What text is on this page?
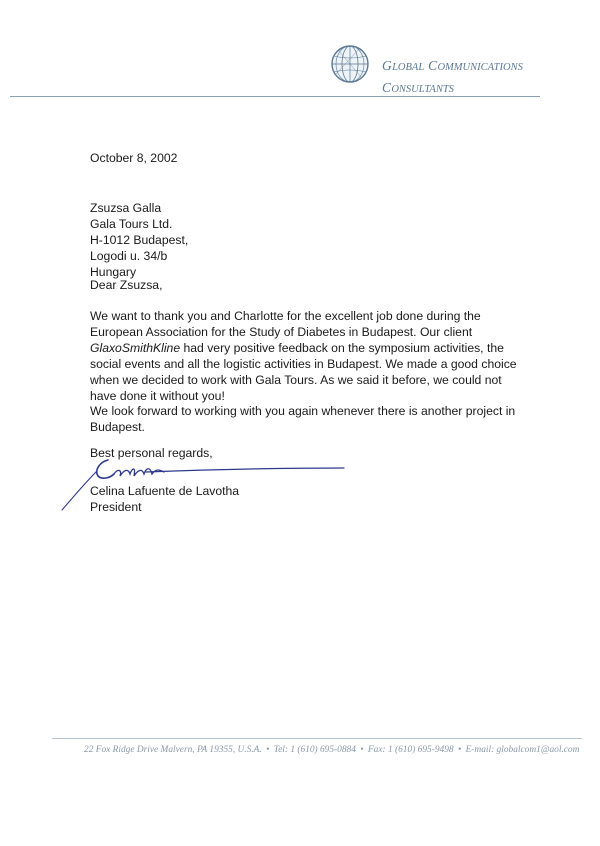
GLOBAL COMMUNICATIONS
CONSULTANTS
October 8, 2002
Zsuzsa Galla
Gala Tours Ltd.
H-1012 Budapest,
Logodi u. 34/b
Hungary
Dear Zsuzsa,
We want to thank you and Charlotte for the excellent job done during the
European Association for the Study of Diabetes in Budapest. Our client
GlaxoSmithKline had very positive feedback on the symposium activities, the
social events and all the logistic activities in Budapest. We made a good choice
when we decided to work with Gala Tours. As we said it before, we could not
have done it without you!
We look forward to working with you again whenever there is another project in
Budapest.
Best personal regards,
Celina Lafuente de Lavotha
President
22 Fox Ridge Drive Malvern, PA 19355, U.S.A. • Tel: 1 (610) 695-0884 • Fax: 1 (610) 695-9498 • E-mail: globalcom1@aol.com
